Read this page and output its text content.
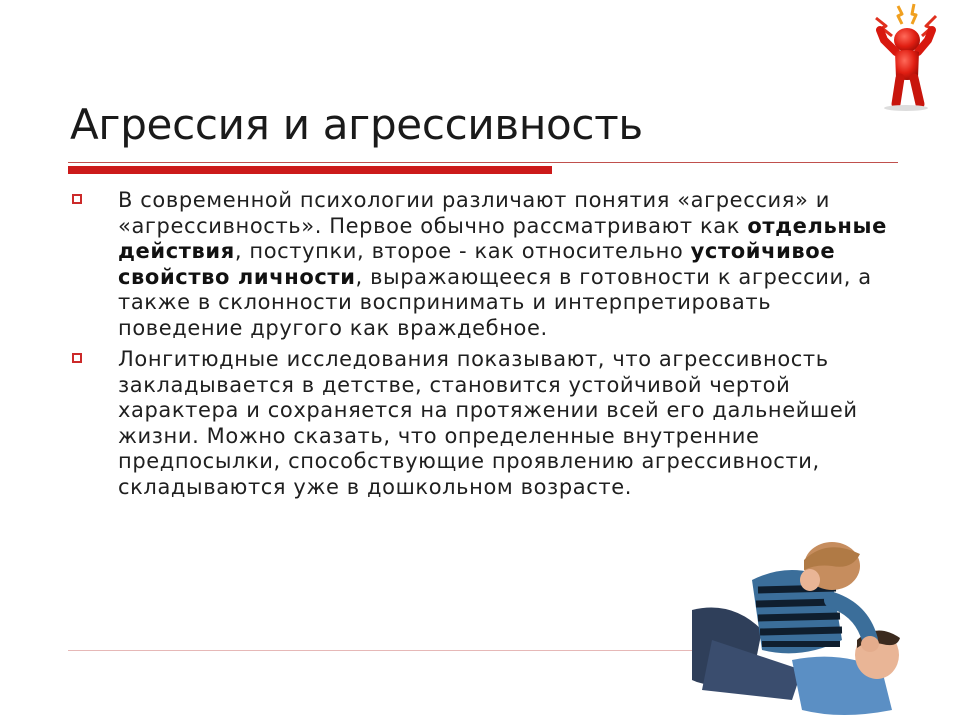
Агрессия и агрессивность
В современной психологии различают понятия «агрессия» и «агрессивность». Первое обычно рассматривают как отдельные действия, поступки, второе - как относительно устойчивое свойство личности, выражающееся в готовности к агрессии, а также в склонности воспринимать и интерпретировать поведение другого как враждебное.
Лонгитюдные исследования показывают, что агрессивность закладывается в детстве, становится устойчивой чертой характера и сохраняется на протяжении всей его дальнейшей жизни. Можно сказать, что определенные внутренние предпосылки, способствующие проявлению агрессивности, складываются уже в дошкольном возрасте.
